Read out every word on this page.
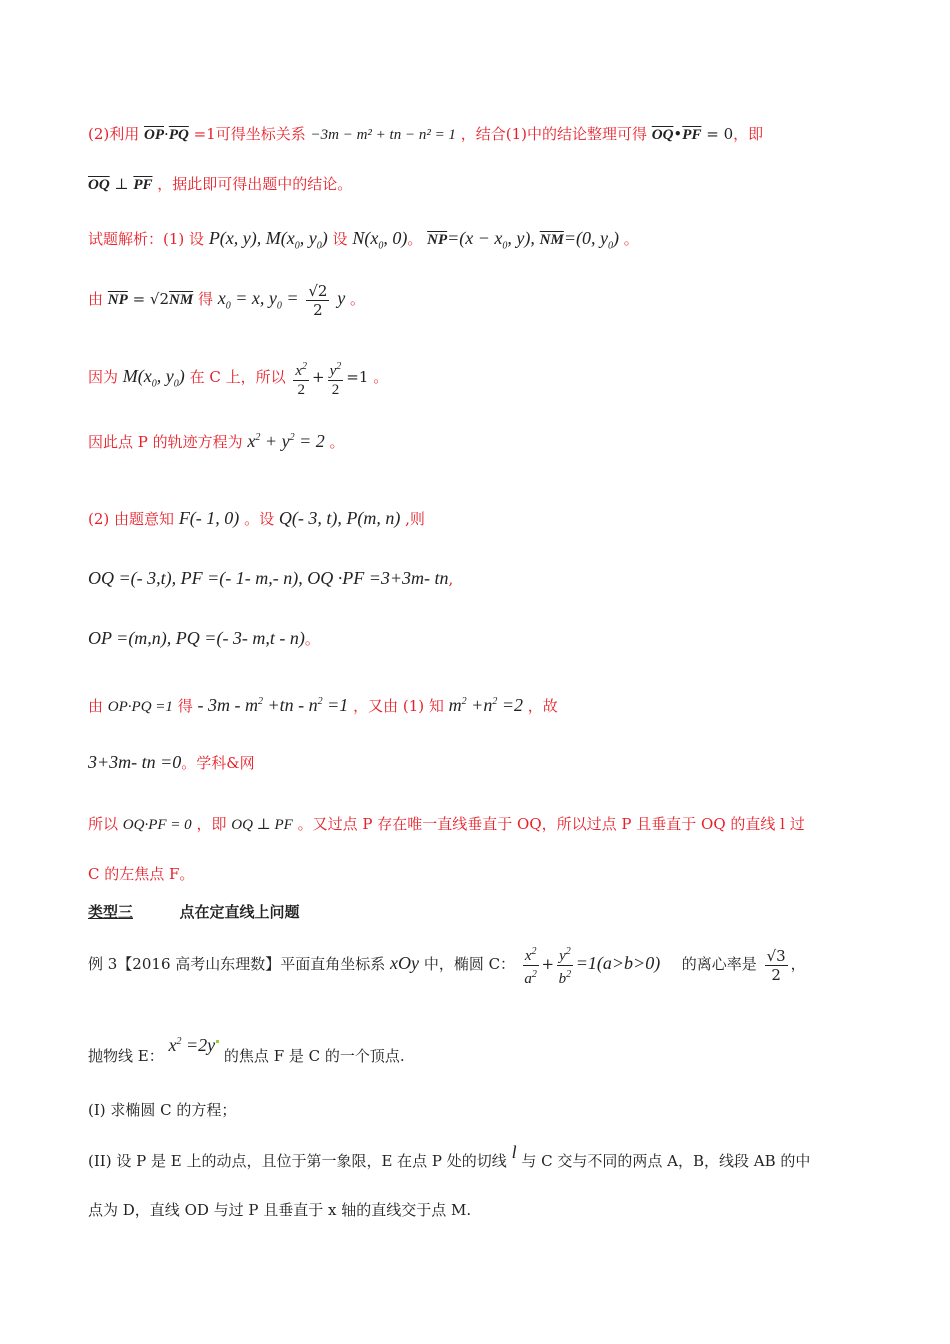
(2)利用 $\overline{OP}\cdot\overline{PQ} =1$可得坐标关系 −3m − m² + tn − n² = 1 ，结合(1)中的结论整理可得 $\overline{OQ}•\overline{PF} = 0$，即
$\overline{OQ}$ ⊥ $\overline{PF}$ ，据此即可得出题中的结论。
试题解析：(1) 设 P(x, y), $M(x_0$, $y_0$) 设 $N(x_0$, 0)。 $\overline{NP}=(x - x_0$, y), $\overline{NM}=(0$, $y_0$) 。
由 $\overline{NP} = √2\overline{NM}$ 得 $x_0 = x$, $y_0 = \frac{√2}{2}$ y 。
因为 $M(x_0$, $y_0$) 在 C 上，所以 $\frac{x^2}{2} + \frac{y^2}{2} =1$ 。
因此点 P 的轨迹方程为 $x^2 + y^2 = 2$ 。
(2) 由题意知 F(- 1, 0) 。设 Q(- 3, t), P(m, n) ,则
OQ =(- 3,t), PF =(- 1- m,- n), OQ ·PF =3+3m- tn,
OP =(m,n), PQ =(- 3- m,t - n)。
由 OP·PQ =1 得 - $3m - m^2 +tn - n^2 =1$ ，又由 (1) 知 $m^2 +n^2 =2$ ，故
3+3m- tn =0。学科&网
所以 OQ·PF = 0 ，即 OQ ⊥ PF 。又过点 P 存在唯一直线垂直于 OQ，所以过点 P 且垂直于 OQ 的直线 l 过
C 的左焦点 F。
类型三	点在定直线上问题
例 3【2016 高考山东理数】平面直角坐标系 xOy 中，椭圆 C： $\frac{x^2}{a^2} + \frac{y^2}{b^2} =1(a>b>0)$ 的离心率是 $\frac{√3}{2}$ ，
抛物线 E： $x^2 =2y$ 的焦点 F 是 C 的一个顶点.
(I) 求椭圆 C 的方程；
(II) 设 P 是 E 上的动点，且位于第一象限，E 在点 P 处的切线 l 与 C 交与不同的两点 A，B，线段 AB 的中
点为 D，直线 OD 与过 P 且垂直于 x 轴的直线交于点 M.
